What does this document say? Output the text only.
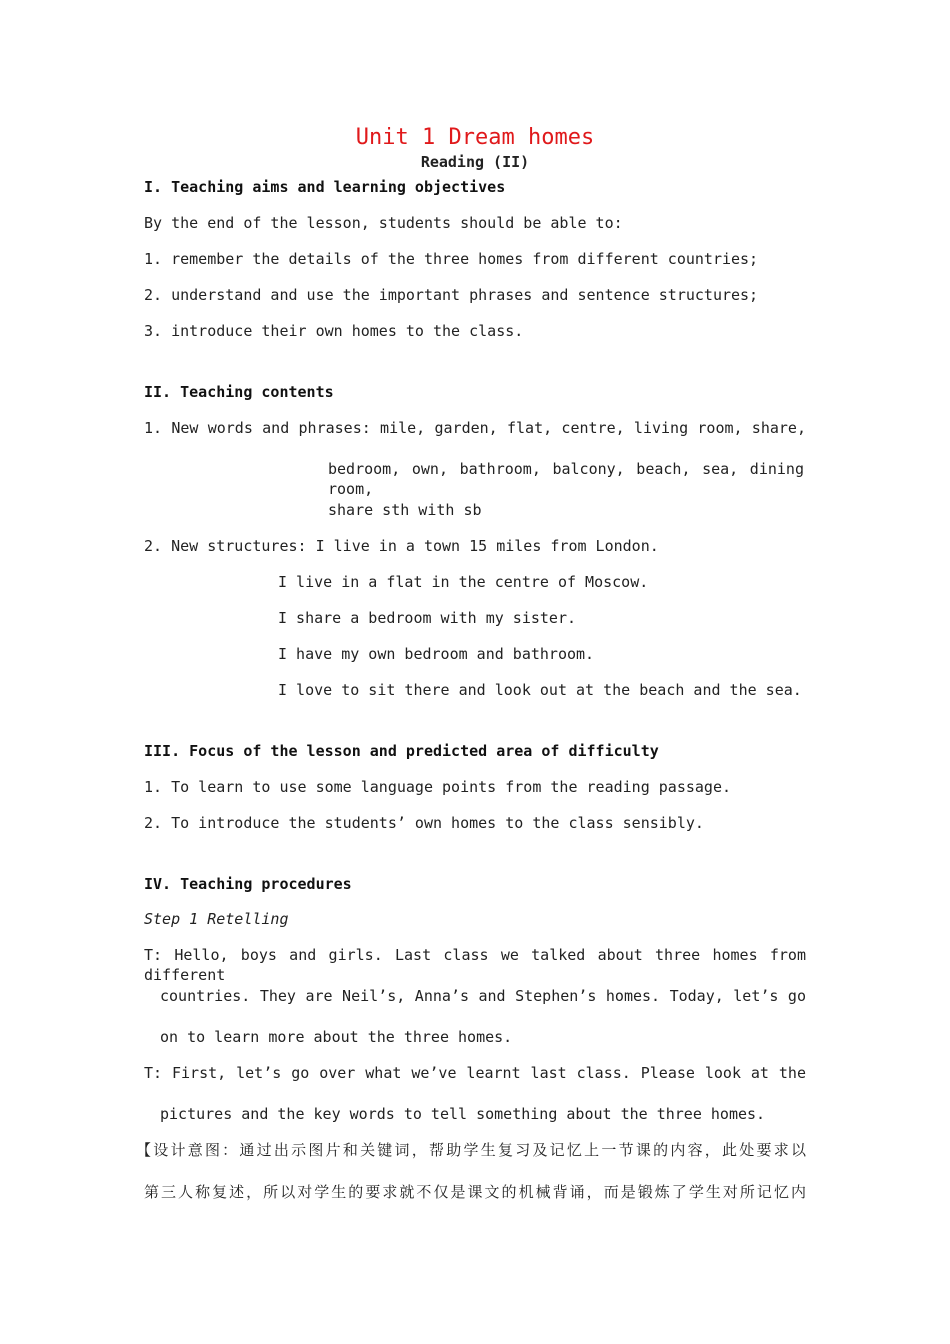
Unit 1 Dream homes
Reading (II)
I. Teaching aims and learning objectives
By the end of the lesson, students should be able to:
1. remember the details of the three homes from different countries;
2. understand and use the important phrases and sentence structures;
3. introduce their own homes to the class.
II. Teaching contents
1. New words and phrases: mile, garden, flat, centre, living room, share,
bedroom, own, bathroom, balcony, beach, sea, dining room,
share sth with sb
2. New structures: I live in a town 15 miles from London.
I live in a flat in the centre of Moscow.
I share a bedroom with my sister.
I have my own bedroom and bathroom.
I love to sit there and look out at the beach and the sea.
III. Focus of the lesson and predicted area of difficulty
1. To learn to use some language points from the reading passage.
2. To introduce the students’ own homes to the class sensibly.
IV. Teaching procedures
Step 1 Retelling
T: Hello, boys and girls. Last class we talked about three homes from different
countries. They are Neil’s, Anna’s and Stephen’s homes. Today, let’s go
on to learn more about the three homes.
T: First, let’s go over what we’ve learnt last class. Please look at the
pictures and the key words to tell something about the three homes.
【设计意图：通过出示图片和关键词，帮助学生复习及记忆上一节课的内容，此处要求以
第三人称复述，所以对学生的要求就不仅是课文的机械背诵，而是锻炼了学生对所记忆内
